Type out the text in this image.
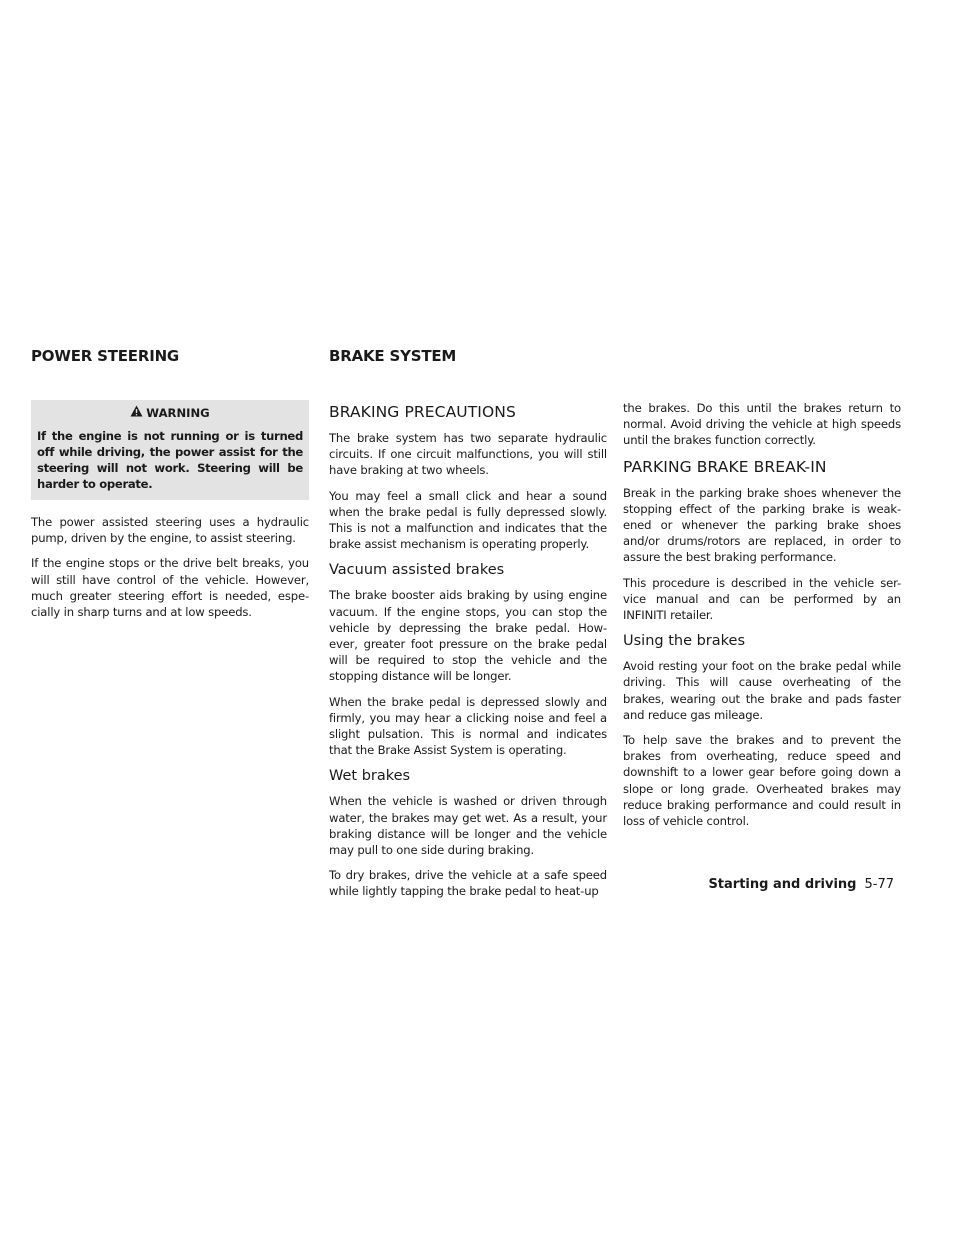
POWER STEERING	BRAKE SYSTEM
WARNING

If the engine is not running or is turned off while driving, the power assist for the steering will not work. Steering will be harder to operate.

The power assisted steering uses a hydraulic pump, driven by the engine, to assist steering.

If the engine stops or the drive belt breaks, you will still have control of the vehicle. However, much greater steering effort is needed, espe-cially in sharp turns and at low speeds.

BRAKING PRECAUTIONS

The brake system has two separate hydraulic circuits. If one circuit malfunctions, you will still have braking at two wheels.

You may feel a small click and hear a sound when the brake pedal is fully depressed slowly. This is not a malfunction and indicates that the brake assist mechanism is operating properly.

Vacuum assisted brakes

The brake booster aids braking by using engine vacuum. If the engine stops, you can stop the vehicle by depressing the brake pedal. How-ever, greater foot pressure on the brake pedal will be required to stop the vehicle and the stopping distance will be longer.

When the brake pedal is depressed slowly and firmly, you may hear a clicking noise and feel a slight pulsation. This is normal and indicates that the Brake Assist System is operating.

Wet brakes

When the vehicle is washed or driven through water, the brakes may get wet. As a result, your braking distance will be longer and the vehicle may pull to one side during braking.

To dry brakes, drive the vehicle at a safe speed while lightly tapping the brake pedal to heat-up

the brakes. Do this until the brakes return to normal. Avoid driving the vehicle at high speeds until the brakes function correctly.

PARKING BRAKE BREAK-IN

Break in the parking brake shoes whenever the stopping effect of the parking brake is weak-ened or whenever the parking brake shoes and/or drums/rotors are replaced, in order to assure the best braking performance.

This procedure is described in the vehicle ser-vice manual and can be performed by an INFINITI retailer.

Using the brakes

Avoid resting your foot on the brake pedal while driving. This will cause overheating of the brakes, wearing out the brake and pads faster and reduce gas mileage.

To help save the brakes and to prevent the brakes from overheating, reduce speed and downshift to a lower gear before going down a slope or long grade. Overheated brakes may reduce braking performance and could result in loss of vehicle control.

Starting and driving 5-77
